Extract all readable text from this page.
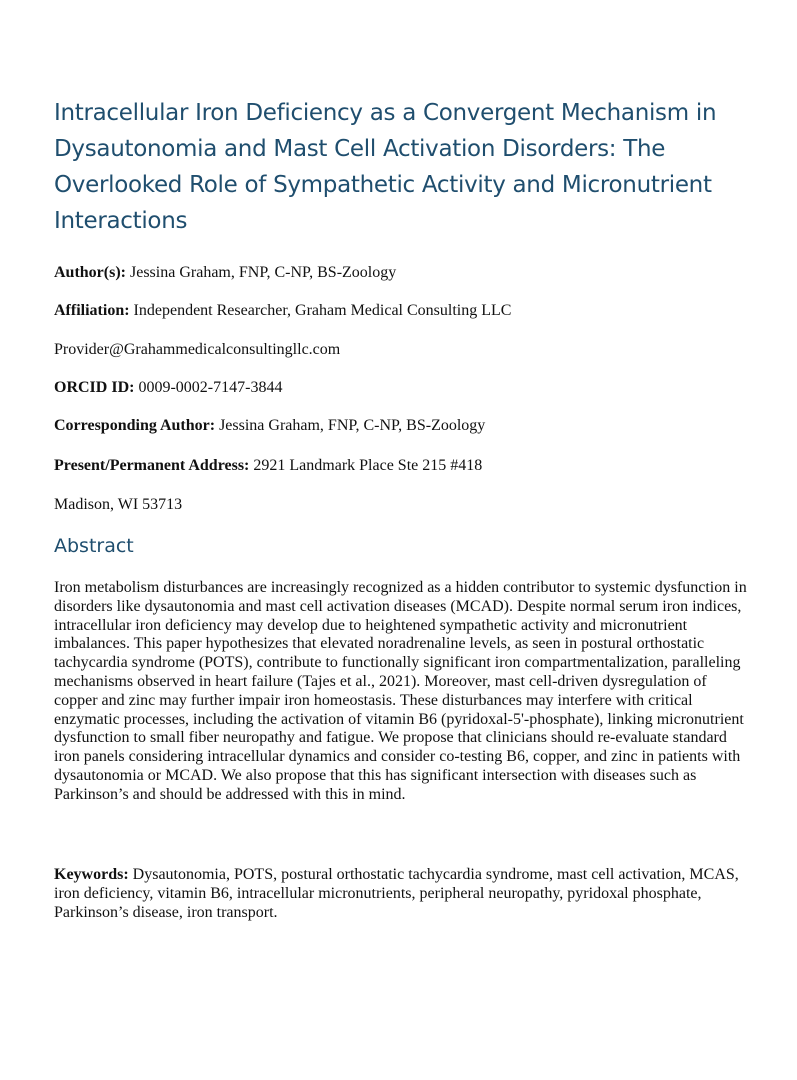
Intracellular Iron Deficiency as a Convergent Mechanism in Dysautonomia and Mast Cell Activation Disorders: The Overlooked Role of Sympathetic Activity and Micronutrient Interactions

Author(s): Jessina Graham, FNP, C-NP, BS-Zoology

Affiliation: Independent Researcher, Graham Medical Consulting LLC

Provider@Grahammedicalconsultingllc.com

ORCID ID: 0009-0002-7147-3844

Corresponding Author: Jessina Graham, FNP, C-NP, BS-Zoology

Present/Permanent Address: 2921 Landmark Place Ste 215 #418

Madison, WI 53713

Abstract

Iron metabolism disturbances are increasingly recognized as a hidden contributor to systemic dysfunction in disorders like dysautonomia and mast cell activation diseases (MCAD). Despite normal serum iron indices, intracellular iron deficiency may develop due to heightened sympathetic activity and micronutrient imbalances. This paper hypothesizes that elevated noradrenaline levels, as seen in postural orthostatic tachycardia syndrome (POTS), contribute to functionally significant iron compartmentalization, paralleling mechanisms observed in heart failure (Tajes et al., 2021). Moreover, mast cell-driven dysregulation of copper and zinc may further impair iron homeostasis. These disturbances may interfere with critical enzymatic processes, including the activation of vitamin B6 (pyridoxal-5'-phosphate), linking micronutrient dysfunction to small fiber neuropathy and fatigue. We propose that clinicians should re-evaluate standard iron panels considering intracellular dynamics and consider co-testing B6, copper, and zinc in patients with dysautonomia or MCAD. We also propose that this has significant intersection with diseases such as Parkinson’s and should be addressed with this in mind.

Keywords: Dysautonomia, POTS, postural orthostatic tachycardia syndrome, mast cell activation, MCAS, iron deficiency, vitamin B6, intracellular micronutrients, peripheral neuropathy, pyridoxal phosphate, Parkinson’s disease, iron transport.
